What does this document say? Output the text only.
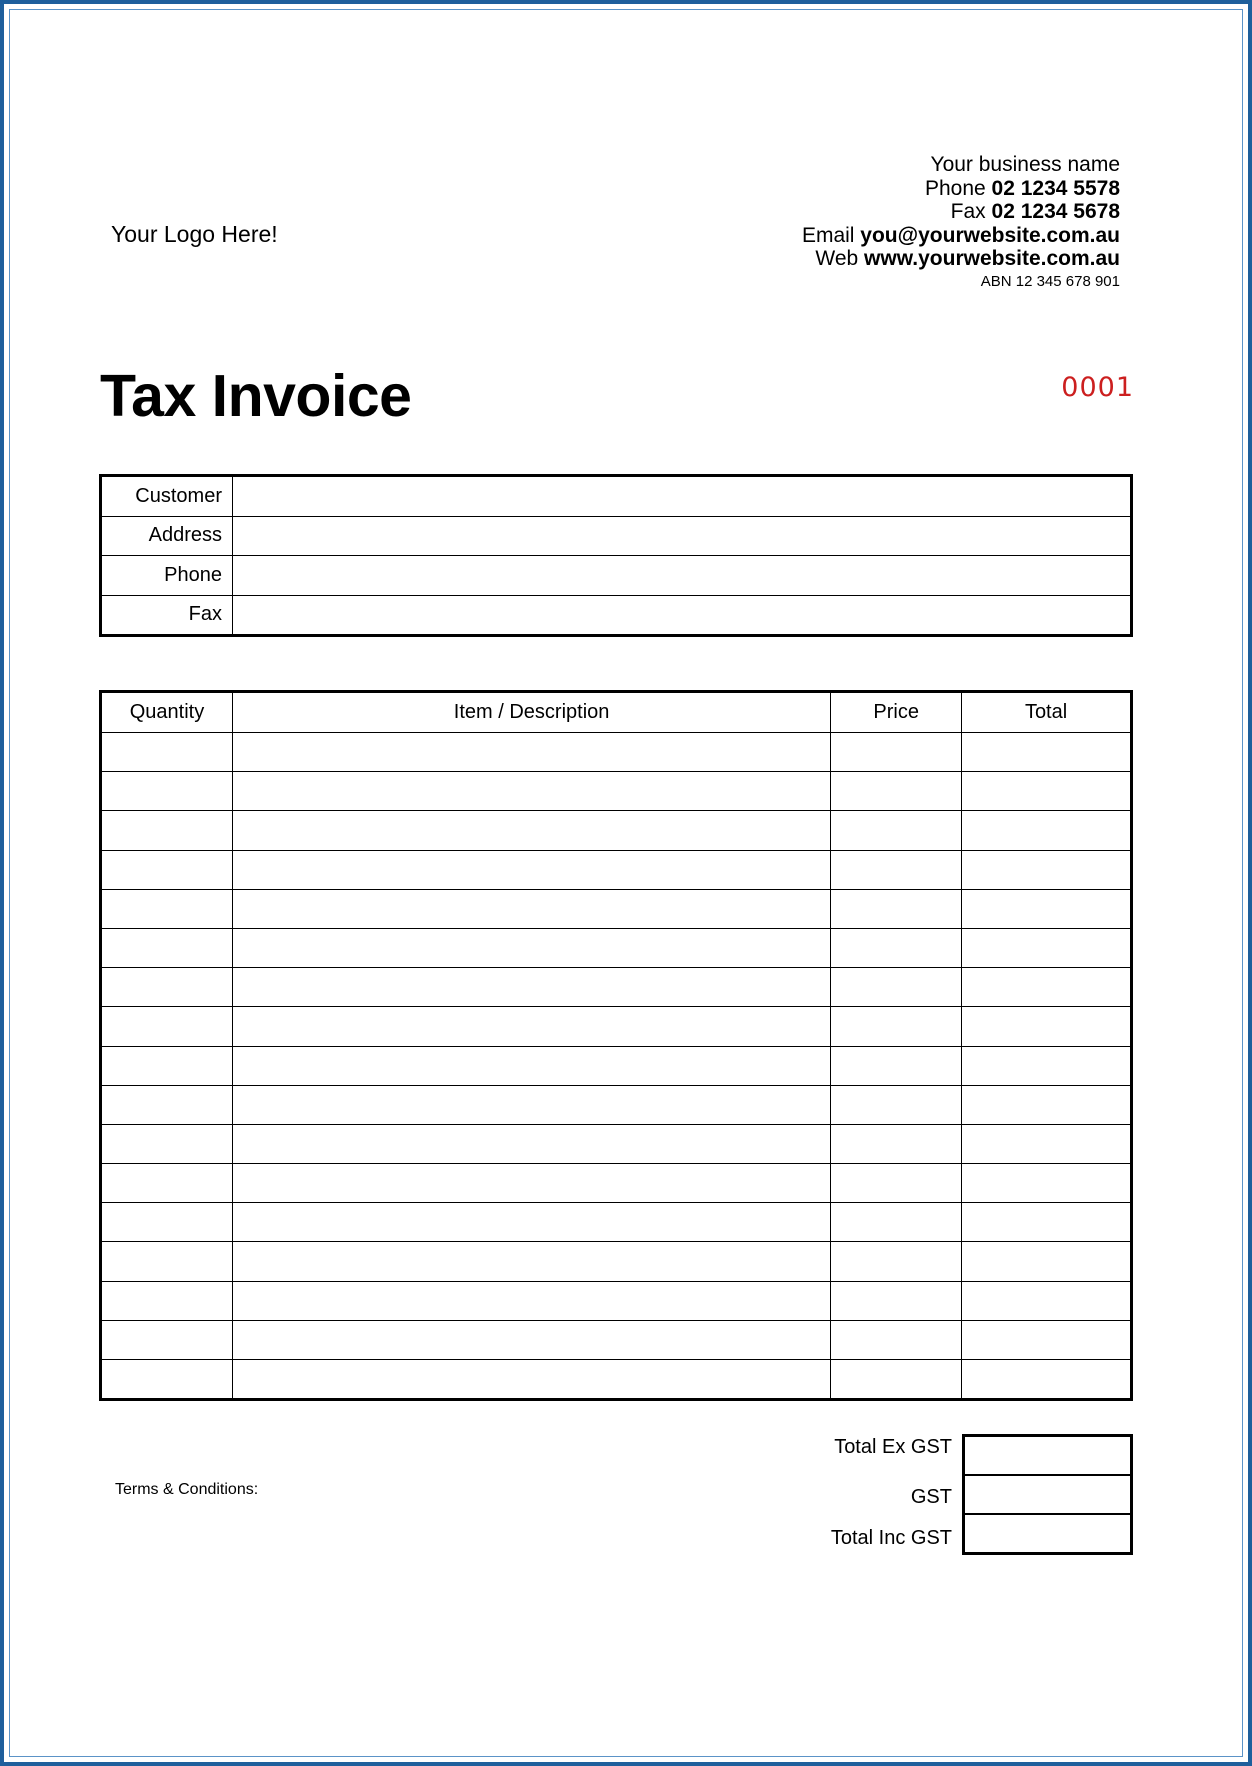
Your Logo Here!
Your business name
Phone 02 1234 5578
Fax 02 1234 5678
Email you@yourwebsite.com.au
Web www.yourwebsite.com.au
ABN 12 345 678 901
Tax Invoice	0001
Customer	
Address	
Phone	
Fax	
Quantity	Item / Description	Price	Total

Total Ex GST
GST
Total Inc GST

Terms & Conditions:
